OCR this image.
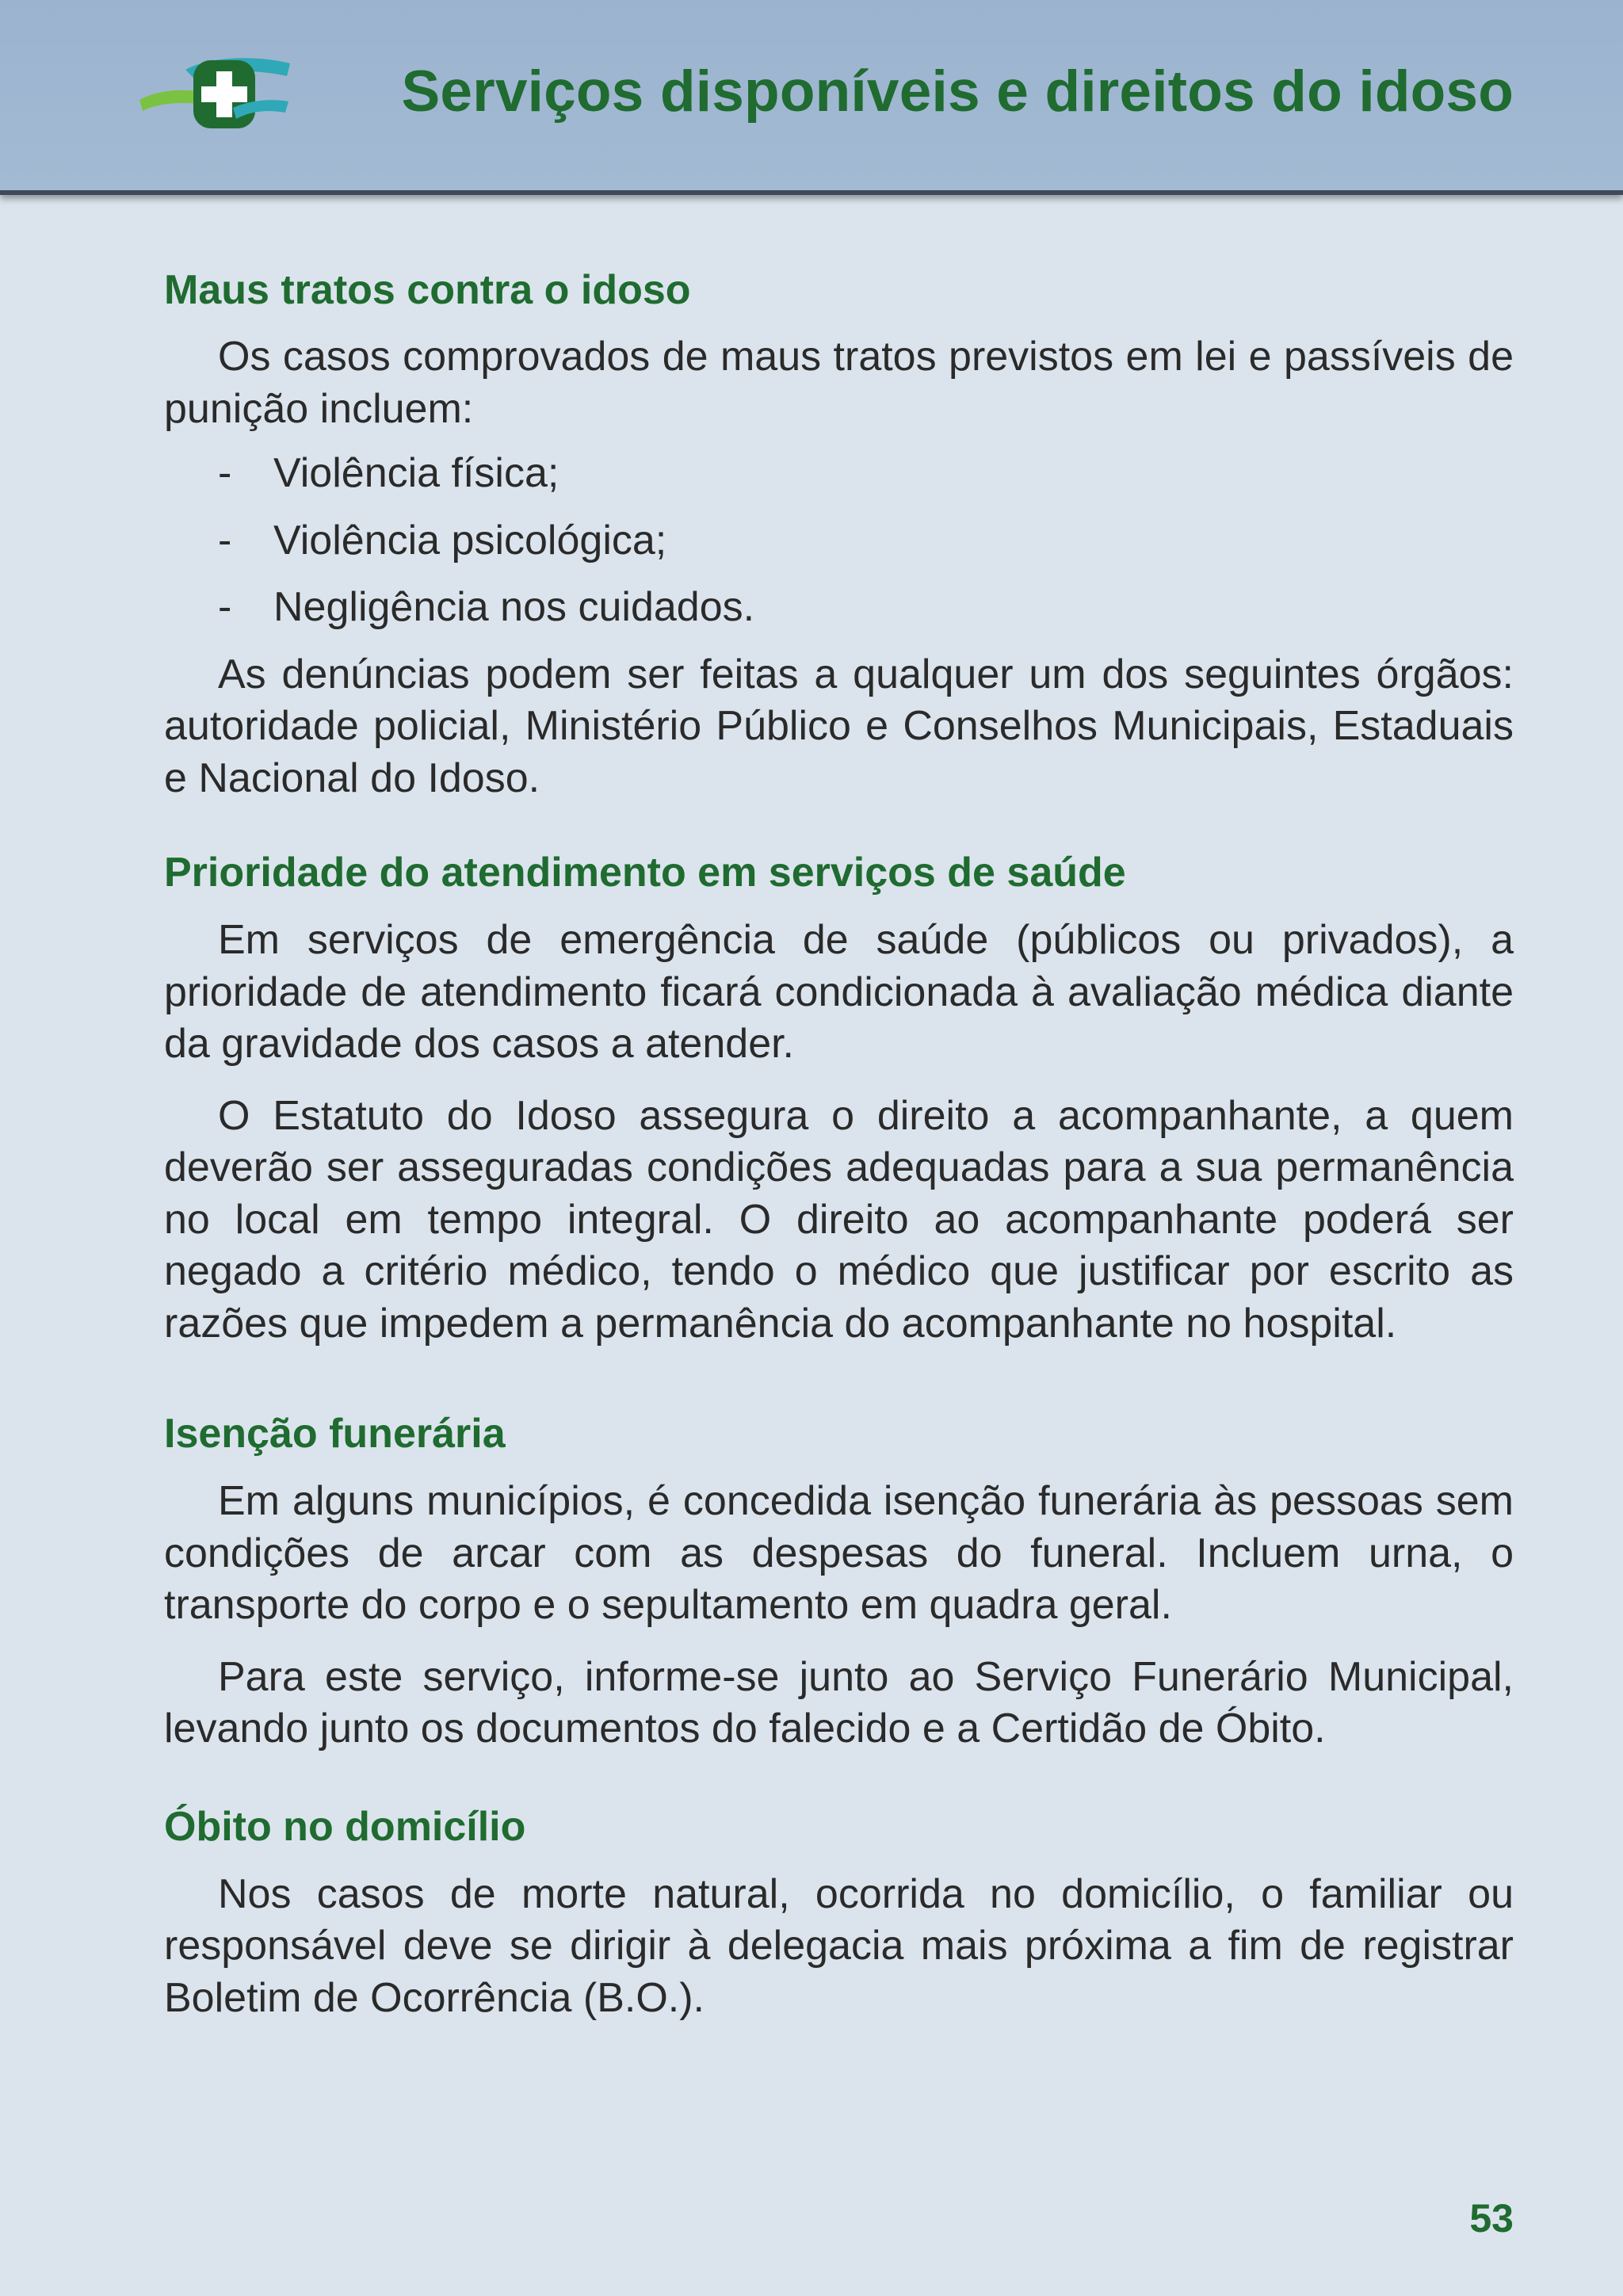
Serviços disponíveis e direitos do idoso
Maus tratos contra o idoso

Os casos comprovados de maus tratos previstos em lei e passíveis de punição incluem:

- Violência física;
- Violência psicológica;
- Negligência nos cuidados.

As denúncias podem ser feitas a qualquer um dos seguintes órgãos: autoridade policial, Ministério Público e Conselhos Municipais, Estaduais e Nacional do Idoso.

Prioridade do atendimento em serviços de saúde

Em serviços de emergência de saúde (públicos ou privados), a prioridade de atendimento ficará condicionada à avaliação médica diante da gravidade dos casos a atender.

O Estatuto do Idoso assegura o direito a acompanhante, a quem deverão ser asseguradas condições adequadas para a sua permanência no local em tempo integral. O direito ao acompanhante poderá ser negado a critério médico, tendo o médico que justificar por escrito as razões que impedem a permanência do acompanhante no hospital.

Isenção funerária

Em alguns municípios, é concedida isenção funerária às pessoas sem condições de arcar com as despesas do funeral. Incluem urna, o transporte do corpo e o sepultamento em quadra geral.

Para este serviço, informe-se junto ao Serviço Funerário Municipal, levando junto os documentos do falecido e a Certidão de Óbito.

Óbito no domicílio

Nos casos de morte natural, ocorrida no domicílio, o familiar ou responsável deve se dirigir à delegacia mais próxima a fim de registrar Boletim de Ocorrência (B.O.).

53
